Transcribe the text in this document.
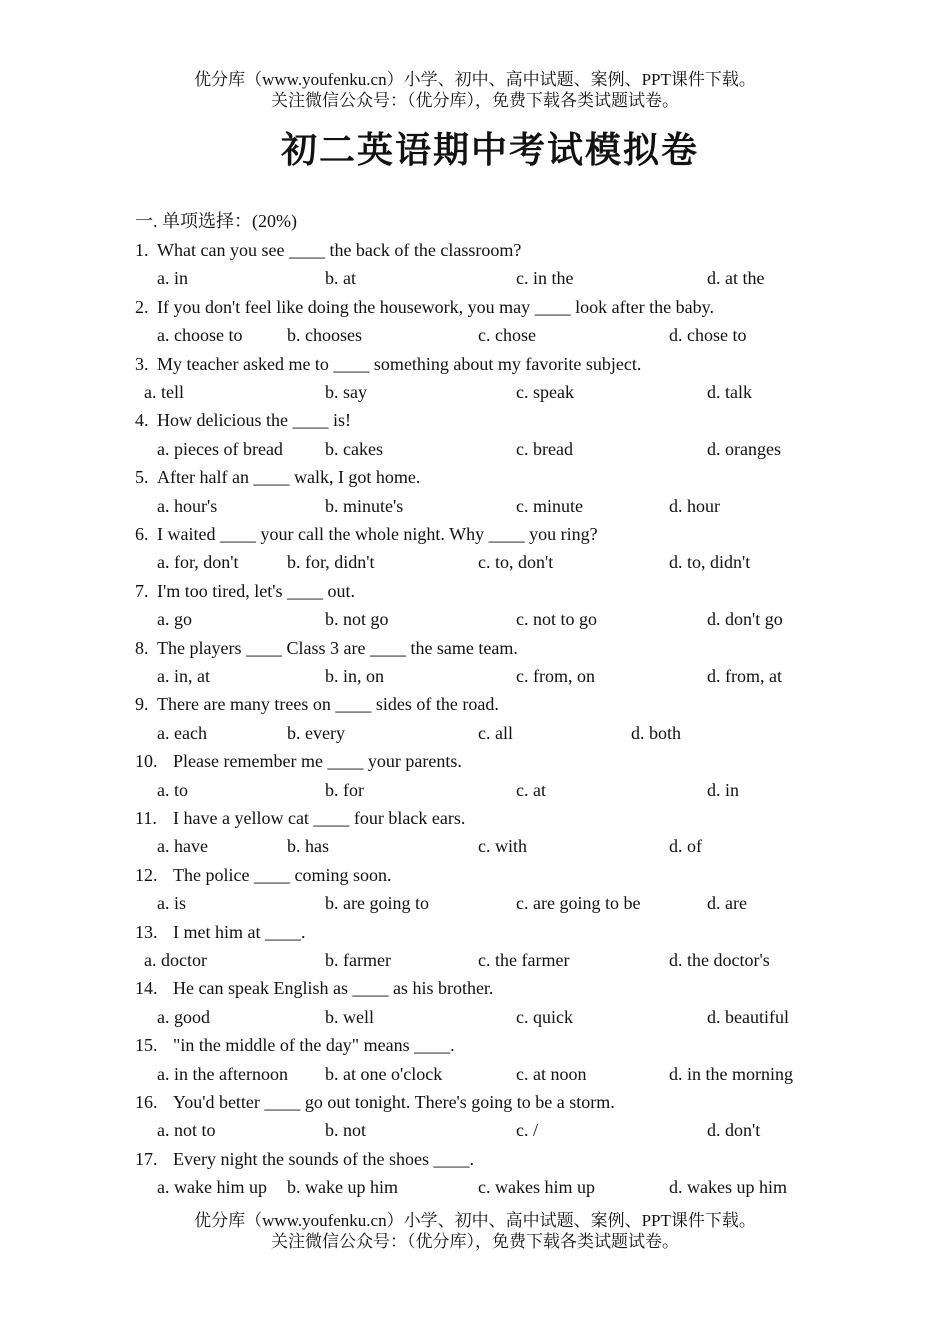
优分库（www.youfenku.cn）小学、初中、高中试题、案例、PPT课件下载。
关注微信公众号：（优分库），免费下载各类试题试卷。
初二英语期中考试模拟卷
一. 单项选择：(20%)
1. What can you see ____ the back of the classroom?
a. in	b. at	c. in the	d. at the
2. If you don't feel like doing the housework, you may ____ look after the baby.
a. choose to b. chooses	c. chose	d. chose to
3. My teacher asked me to ____ something about my favorite subject.
a. tell	b. say	c. speak	d. talk
4. How delicious the ____ is!
a. pieces of bread b. cakes	c. bread	d. oranges
5. After half an ____ walk, I got home.
a. hour's	b. minute's	c. minute	d. hour
6. I waited ____ your call the whole night. Why ____ you ring?
a. for, don't	b. for, didn't	c. to, don't	d. to, didn't
7. I'm too tired, let's ____ out.
a. go	b. not go	c. not to go	d. don't go
8. The players ____ Class 3 are ____ the same team.
a. in, at	b. in, on	c. from, on	d. from, at
9. There are many trees on ____ sides of the road.
a. each	b. every	c. all	d. both
10. Please remember me ____ your parents.
a. to	b. for	c. at	d. in
11. I have a yellow cat ____ four black ears.
a. have	b. has	c. with	d. of
12. The police ____ coming soon.
a. is	b. are going to	c. are going to be	d. are
13. I met him at ____.
a. doctor	b. farmer	c. the farmer	d. the doctor's
14. He can speak English as ____ as his brother.
a. good	b. well	c. quick	d. beautiful
15. "in the middle of the day" means ____.
a. in the afternoon b. at one o'clock	c. at noon	d. in the morning
16. You'd better ____ go out tonight. There's going to be a storm.
a. not to	b. not	c. /	d. don't
17. Every night the sounds of the shoes ____.
a. wake him up b. wake up him	c. wakes him up	d. wakes up him
优分库（www.youfenku.cn）小学、初中、高中试题、案例、PPT课件下载。
关注微信公众号：（优分库），免费下载各类试题试卷。
